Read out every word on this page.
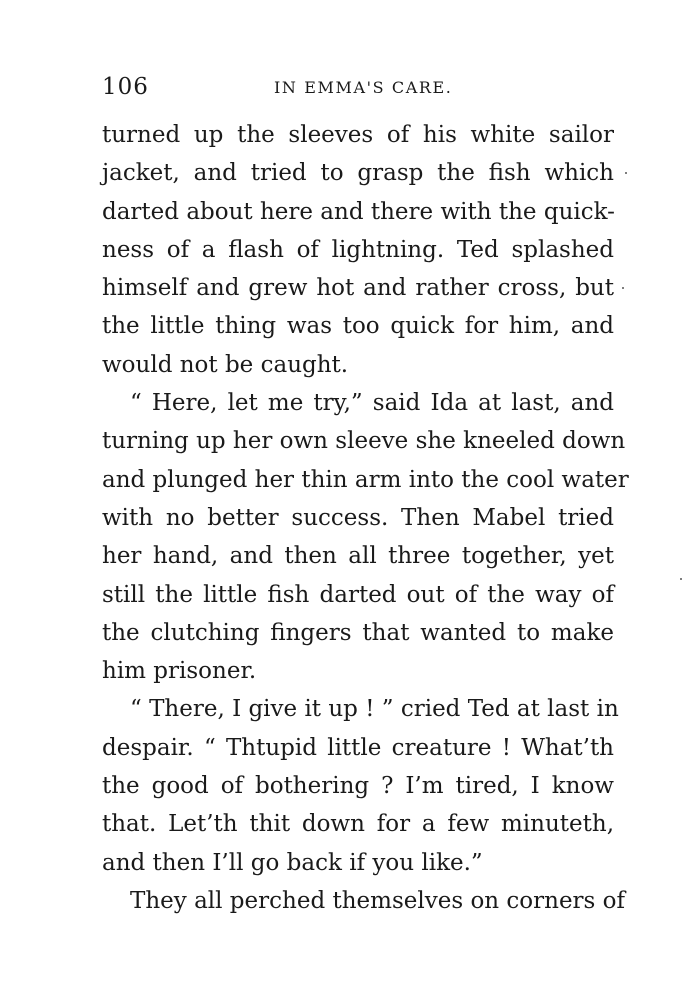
106	IN EMMA'S CARE.
turned up the sleeves of his white sailor
jacket, and tried to grasp the fish which
darted about here and there with the quick-
ness of a flash of lightning. Ted splashed
himself and grew hot and rather cross, but
the little thing was too quick for him, and
would not be caught.
“ Here, let me try,” said Ida at last, and
turning up her own sleeve she kneeled down
and plunged her thin arm into the cool water
with no better success. Then Mabel tried
her hand, and then all three together, yet
still the little fish darted out of the way of
the clutching fingers that wanted to make
him prisoner.
“ There, I give it up ! ” cried Ted at last in
despair. “ Thtupid little creature ! What’th
the good of bothering ? I’m tired, I know
that. Let’th thit down for a few minuteth,
and then I’ll go back if you like.”
They all perched themselves on corners of
